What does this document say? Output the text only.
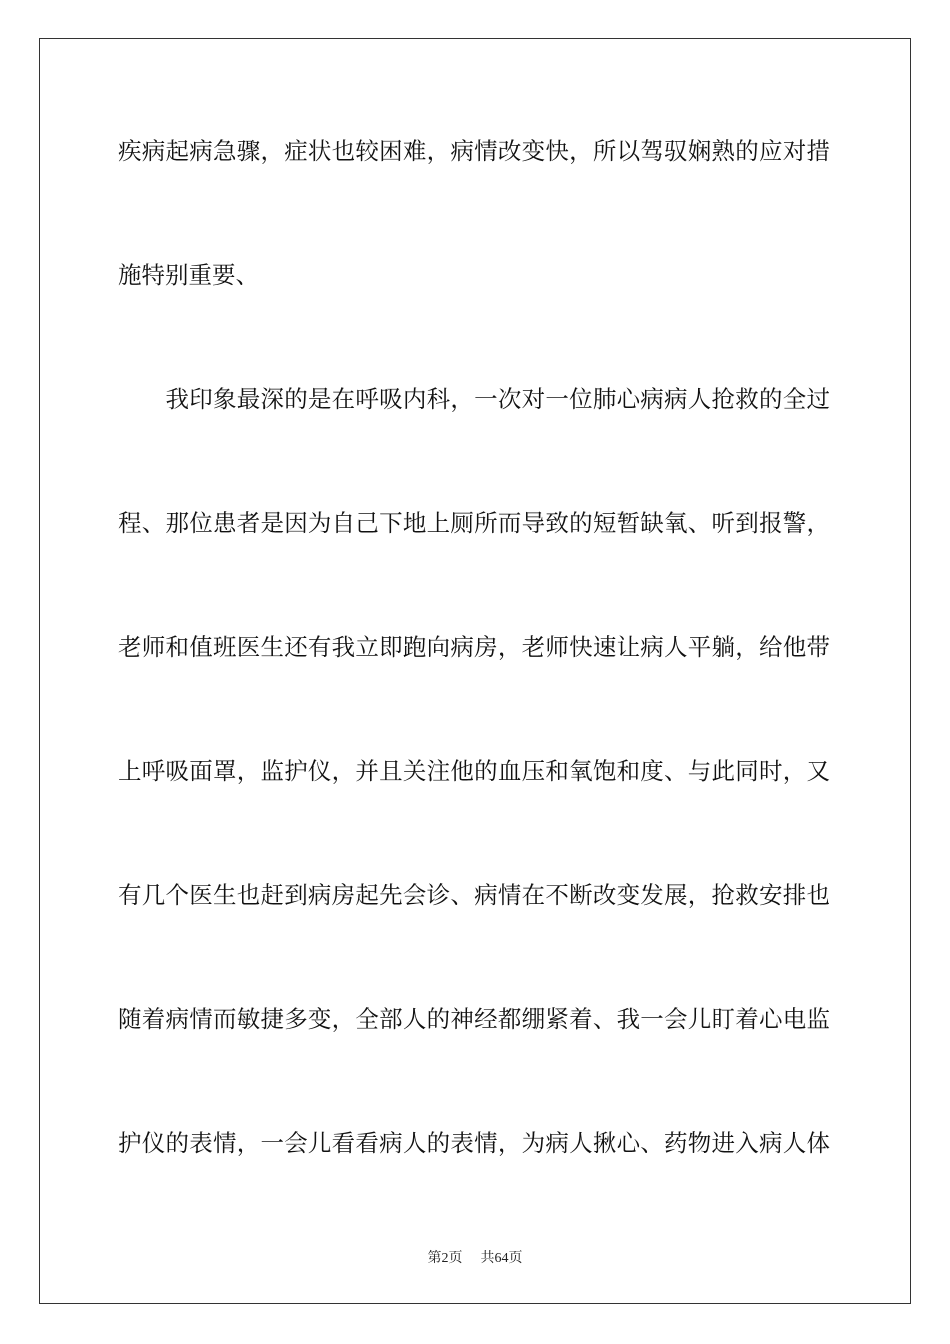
疾病起病急骤，症状也较困难，病情改变快，所以驾驭娴熟的应对措
施特别重要、
　　我印象最深的是在呼吸内科，一次对一位肺心病病人抢救的全过
程、那位患者是因为自己下地上厕所而导致的短暂缺氧、听到报警，
老师和值班医生还有我立即跑向病房，老师快速让病人平躺，给他带
上呼吸面罩，监护仪，并且关注他的血压和氧饱和度、与此同时，又
有几个医生也赶到病房起先会诊、病情在不断改变发展，抢救安排也
随着病情而敏捷多变，全部人的神经都绷紧着、我一会儿盯着心电监
护仪的表情，一会儿看看病人的表情，为病人揪心、药物进入病人体
第2页 共64页
